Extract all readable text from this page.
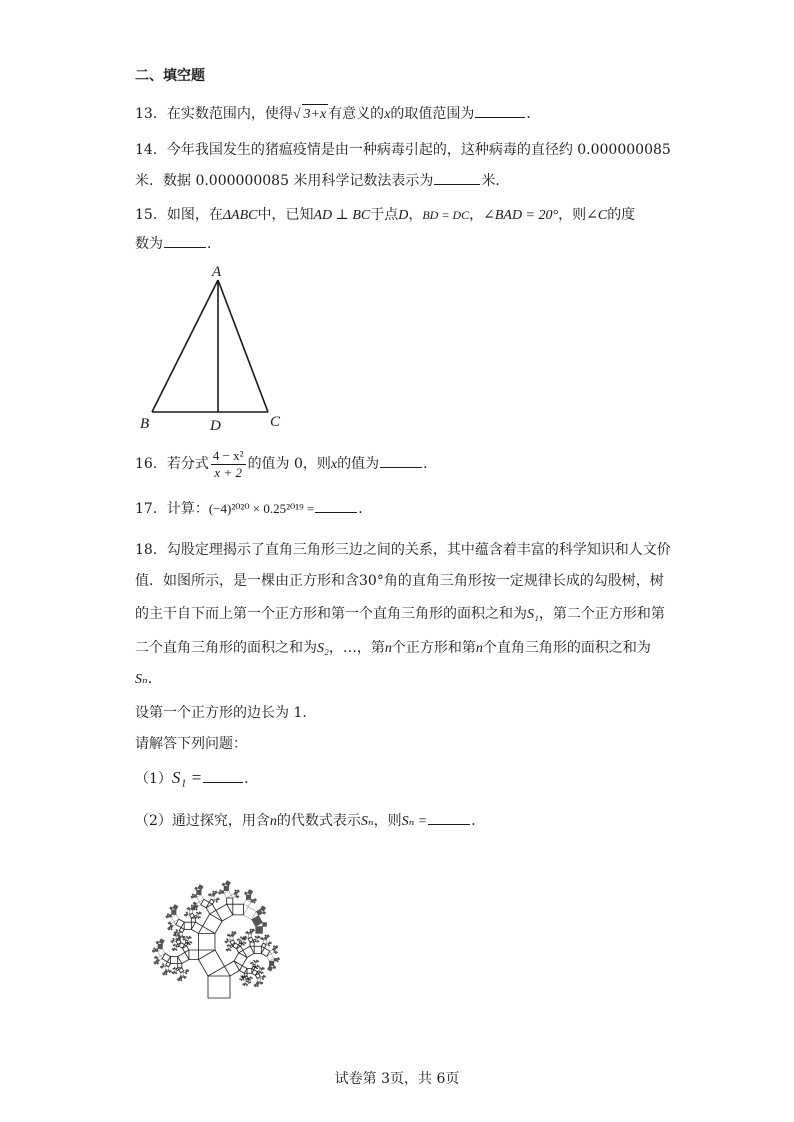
二、填空题
13．在实数范围内，使得√ 3+x 有意义的x的取值范围为	．
14．今年我国发生的猪瘟疫情是由一种病毒引起的，这种病毒的直径约 0.000000085
米．数据 0.000000085 米用科学记数法表示为	米．
15．如图，在ΔABC中，已知AD ⊥ BC于点D，BD = DC，∠BAD = 20°，则∠C的度
数为	．
A
B	C
D
16．若分式 $\frac{\text{4 − x²}}{x + 2}$ 的值为 0，则x的值为	．
17．计算：(−4)²⁰²⁰ × 0.25²⁰¹⁹ =	．
18．勾股定理揭示了直角三角形三边之间的关系，其中蕴含着丰富的科学知识和人文价
值．如图所示，是一棵由正方形和含30°角的直角三角形按一定规律长成的勾股树，树
的主干自下而上第一个正方形和第一个直角三角形的面积之和为S₁，第二个正方形和第
二个直角三角形的面积之和为S₂，…，第n个正方形和第n个直角三角形的面积之和为
Sₙ．
设第一个正方形的边长为 1．
请解答下列问题：
（1）S₁ =	．
（2）通过探究，用含n的代数式表示Sₙ，则Sₙ =	．
试卷第 3页，共 6页
